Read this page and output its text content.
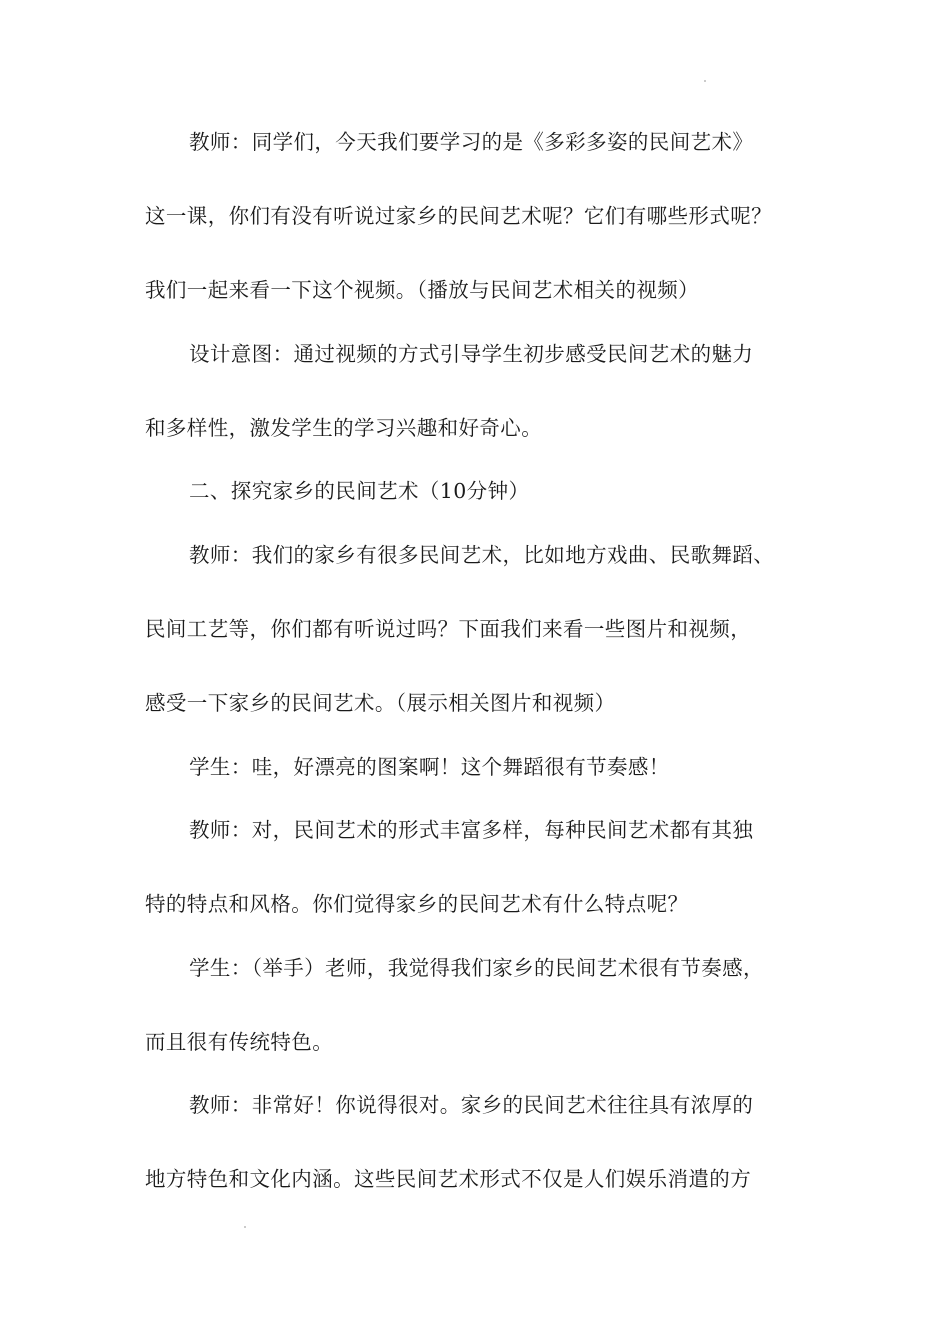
教师：同学们，今天我们要学习的是《多彩多姿的民间艺术》
这一课，你们有没有听说过家乡的民间艺术呢？它们有哪些形式呢？
我们一起来看一下这个视频。（播放与民间艺术相关的视频）
设计意图：通过视频的方式引导学生初步感受民间艺术的魅力
和多样性，激发学生的学习兴趣和好奇心。
二、探究家乡的民间艺术（10分钟）
教师：我们的家乡有很多民间艺术，比如地方戏曲、民歌舞蹈、
民间工艺等，你们都有听说过吗？下面我们来看一些图片和视频，
感受一下家乡的民间艺术。（展示相关图片和视频）
学生：哇，好漂亮的图案啊！这个舞蹈很有节奏感！
教师：对，民间艺术的形式丰富多样，每种民间艺术都有其独
特的特点和风格。你们觉得家乡的民间艺术有什么特点呢？
学生：（举手）老师，我觉得我们家乡的民间艺术很有节奏感，
而且很有传统特色。
教师：非常好！你说得很对。家乡的民间艺术往往具有浓厚的
地方特色和文化内涵。这些民间艺术形式不仅是人们娱乐消遣的方
